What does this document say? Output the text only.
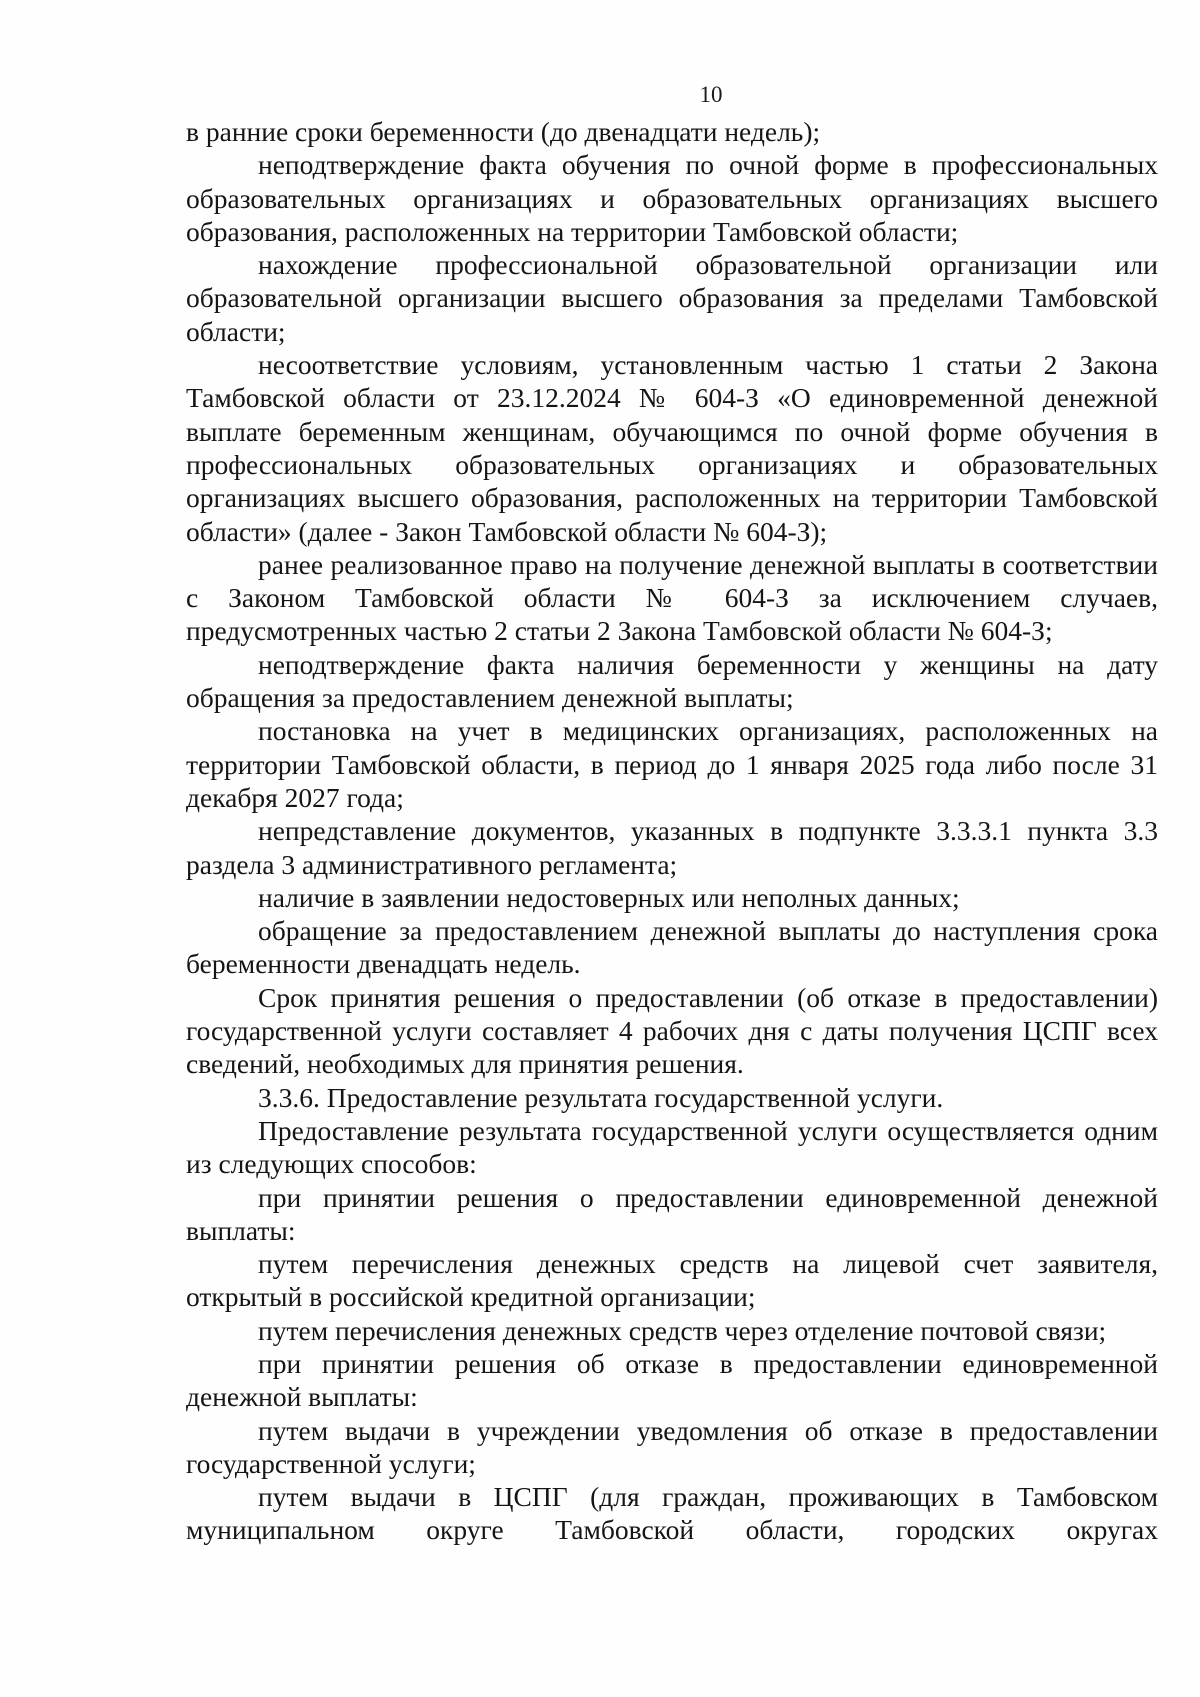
10

в ранние сроки беременности (до двенадцати недель);

неподтверждение факта обучения по очной форме в профессиональных образовательных организациях и образовательных организациях высшего образования, расположенных на территории Тамбовской области;

нахождение профессиональной образовательной организации или образовательной организации высшего образования за пределами Тамбовской области;

несоответствие условиям, установленным частью 1 статьи 2 Закона Тамбовской области от 23.12.2024 № 604-З «О единовременной денежной выплате беременным женщинам, обучающимся по очной форме обучения в профессиональных образовательных организациях и образовательных организациях высшего образования, расположенных на территории Тамбовской области» (далее - Закон Тамбовской области № 604-З);

ранее реализованное право на получение денежной выплаты в соответствии с Законом Тамбовской области № 604-З за исключением случаев, предусмотренных частью 2 статьи 2 Закона Тамбовской области № 604-З;

неподтверждение факта наличия беременности у женщины на дату обращения за предоставлением денежной выплаты;

постановка на учет в медицинских организациях, расположенных на территории Тамбовской области, в период до 1 января 2025 года либо после 31 декабря 2027 года;

непредставление документов, указанных в подпункте 3.3.3.1 пункта 3.3 раздела 3 административного регламента;

наличие в заявлении недостоверных или неполных данных;

обращение за предоставлением денежной выплаты до наступления срока беременности двенадцать недель.

Срок принятия решения о предоставлении (об отказе в предоставлении) государственной услуги составляет 4 рабочих дня с даты получения ЦСПГ всех сведений, необходимых для принятия решения.

3.3.6. Предоставление результата государственной услуги.

Предоставление результата государственной услуги осуществляется одним из следующих способов:

при принятии решения о предоставлении единовременной денежной выплаты:

путем перечисления денежных средств на лицевой счет заявителя, открытый в российской кредитной организации;

путем перечисления денежных средств через отделение почтовой связи;

при принятии решения об отказе в предоставлении единовременной денежной выплаты:

путем выдачи в учреждении уведомления об отказе в предоставлении государственной услуги;

путем выдачи в ЦСПГ (для граждан, проживающих в Тамбовском муниципальном округе Тамбовской области, городских округах
